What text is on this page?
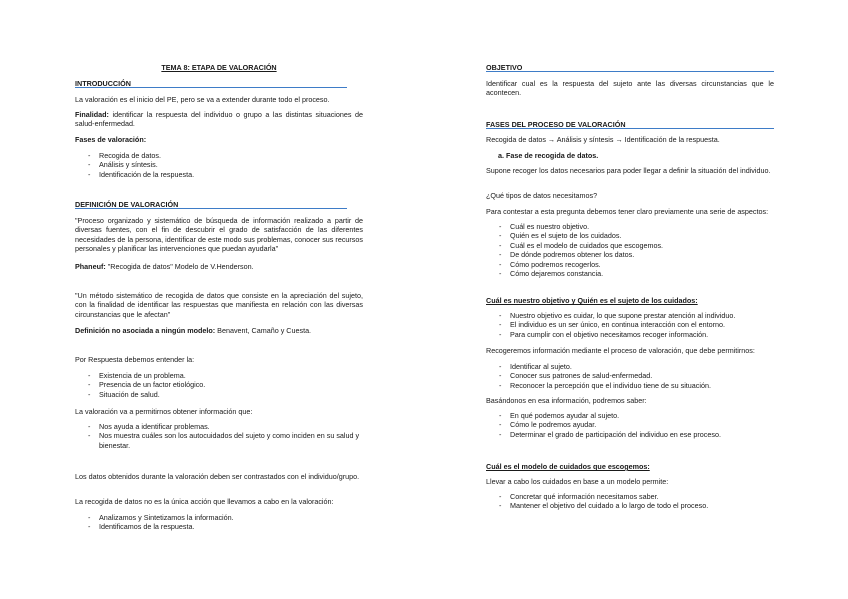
TEMA 8: ETAPA DE VALORACIÓN
INTRODUCCIÓN
La valoración es el inicio del PE, pero se va a extender durante todo el proceso.
Finalidad: identificar la respuesta del individuo o grupo a las distintas situaciones de salud-enfermedad.
Fases de valoración:
- Recogida de datos.
- Análisis y síntesis.
- Identificación de la respuesta.
DEFINICIÓN DE VALORACIÓN
"Proceso organizado y sistemático de búsqueda de información realizado a partir de diversas fuentes, con el fin de descubrir el grado de satisfacción de las diferentes necesidades de la persona, identificar de este modo sus problemas, conocer sus recursos personales y planificar las intervenciones que puedan ayudarla"
Phaneuf: "Recogida de datos" Modelo de V.Henderson.
"Un método sistemático de recogida de datos que consiste en la apreciación del sujeto, con la finalidad de identificar las respuestas que manifiesta en relación con las diversas circunstancias que le afectan"
Definición no asociada a ningún modelo: Benavent, Camaño y Cuesta.
Por Respuesta debemos entender la:
- Existencia de un problema.
- Presencia de un factor etiológico.
- Situación de salud.
La valoración va a permitirnos obtener información que:
- Nos ayuda a identificar problemas.
- Nos muestra cuáles son los autocuidados del sujeto y como inciden en su salud y bienestar.
Los datos obtenidos durante la valoración deben ser contrastados con el individuo/grupo.
La recogida de datos no es la única acción que llevamos a cabo en la valoración:
- Analizamos y Sintetizamos la información.
- Identificamos de la respuesta.
OBJETIVO
Identificar cual es la respuesta del sujeto ante las diversas circunstancias que le acontecen.
FASES DEL PROCESO DE VALORACIÓN
Recogida de datos → Análisis y síntesis → Identificación de la respuesta.
a. Fase de recogida de datos.
Supone recoger los datos necesarios para poder llegar a definir la situación del individuo.
¿Qué tipos de datos necesitamos?
Para contestar a esta pregunta debemos tener claro previamente una serie de aspectos:
- Cuál es nuestro objetivo.
- Quién es el sujeto de los cuidados.
- Cuál es el modelo de cuidados que escogemos.
- De dónde podremos obtener los datos.
- Cómo podremos recogerlos.
- Cómo dejaremos constancia.
Cuál es nuestro objetivo y Quién es el sujeto de los cuidados:
- Nuestro objetivo es cuidar, lo que supone prestar atención al individuo.
- El individuo es un ser único, en continua interacción con el entorno.
- Para cumplir con el objetivo necesitamos recoger información.
Recogeremos información mediante el proceso de valoración, que debe permitirnos:
- Identificar al sujeto.
- Conocer sus patrones de salud-enfermedad.
- Reconocer la percepción que el individuo tiene de su situación.
Basándonos en esa información, podremos saber:
- En qué podemos ayudar al sujeto.
- Cómo le podremos ayudar.
- Determinar el grado de participación del individuo en ese proceso.
Cuál es el modelo de cuidados que escogemos:
Llevar a cabo los cuidados en base a un modelo permite:
- Concretar qué información necesitamos saber.
- Mantener el objetivo del cuidado a lo largo de todo el proceso.
